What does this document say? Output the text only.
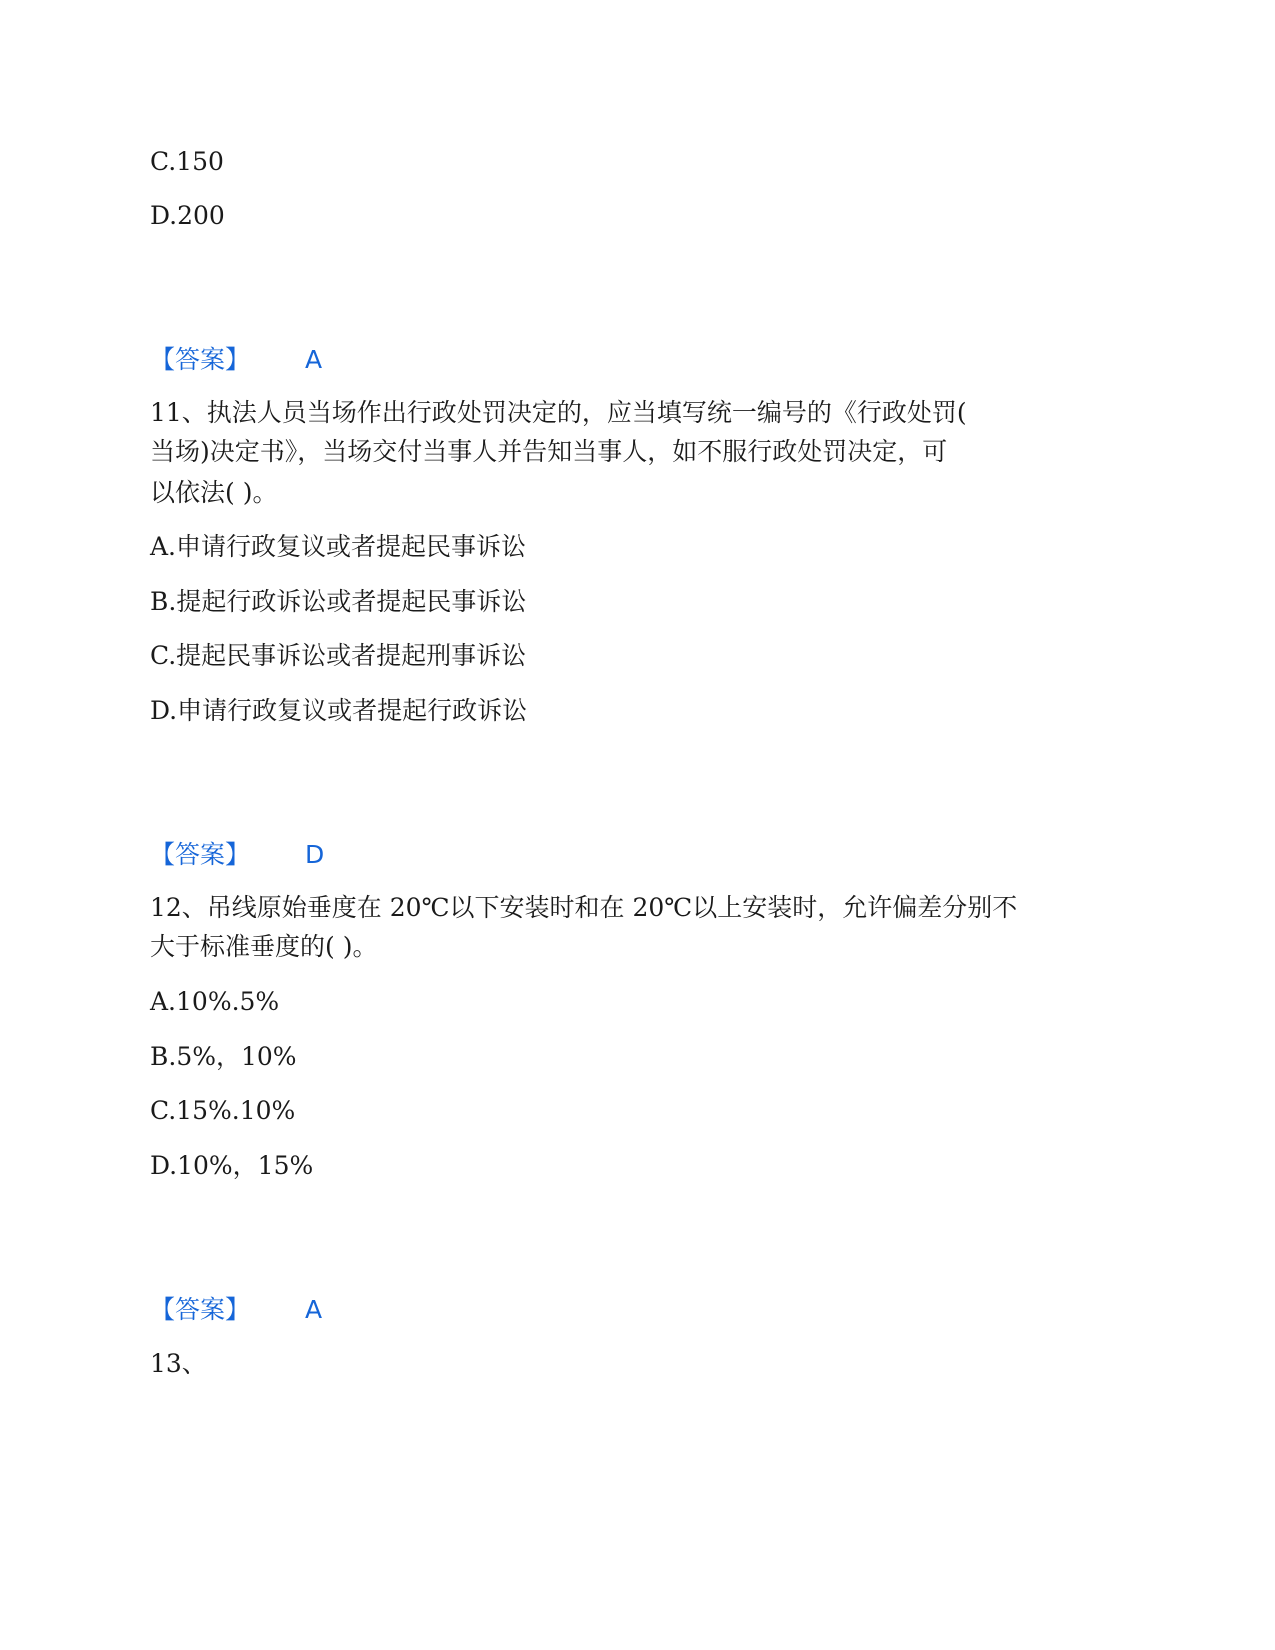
C.150
D.200
【答案】 A
11、执法人员当场作出行政处罚决定的，应当填写统一编号的《行政处罚(
当场)决定书》，当场交付当事人并告知当事人，如不服行政处罚决定，可
以依法( )。
A.申请行政复议或者提起民事诉讼
B.提起行政诉讼或者提起民事诉讼
C.提起民事诉讼或者提起刑事诉讼
D.申请行政复议或者提起行政诉讼
【答案】 D
12、吊线原始垂度在 20℃以下安装时和在 20℃以上安装时，允许偏差分别不
大于标准垂度的( )。
A.10%.5%
B.5%，10%
C.15%.10%
D.10%，15%
【答案】 A
13、
